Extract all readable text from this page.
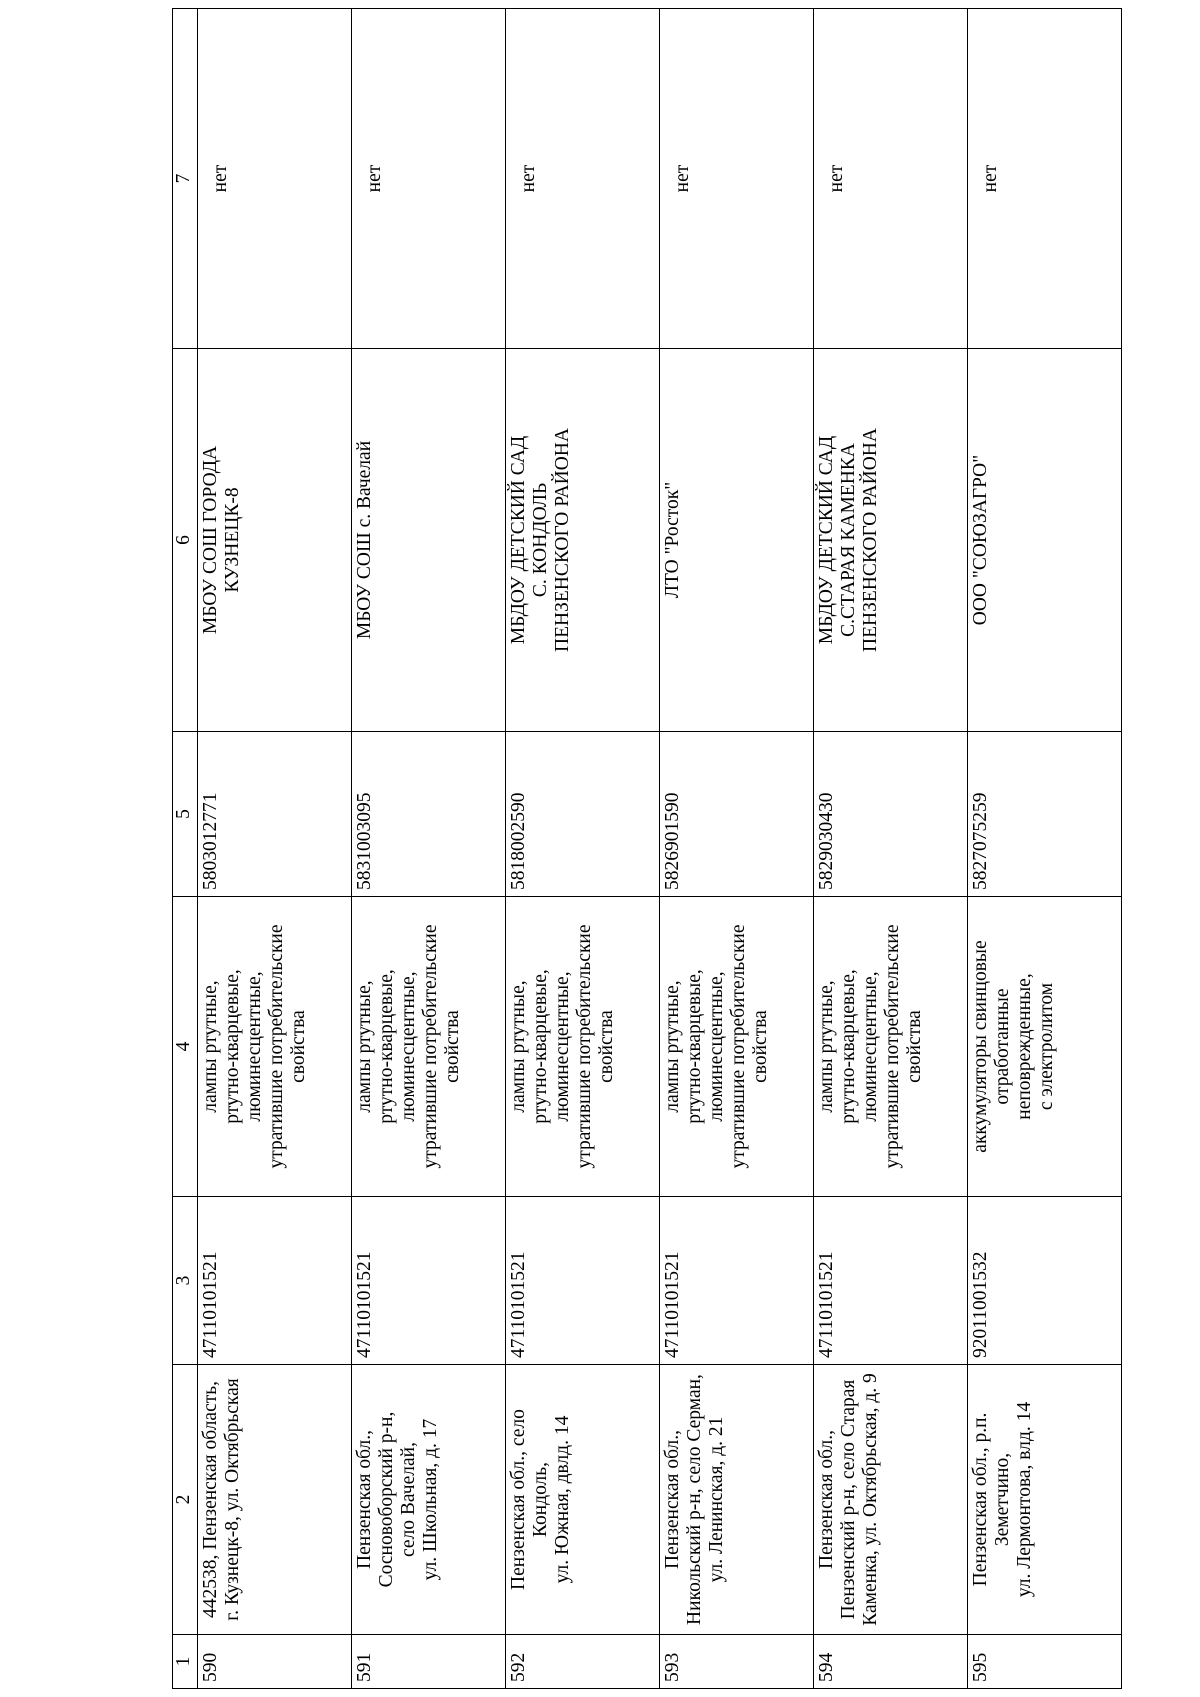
1	2	3	4	5	6	7
590	442538, Пензенская область, г. Кузнецк-8, ул. Октябрьская	47110101521	лампы ртутные, ртутно-кварцевые, люминесцентные, утратившие потребительские свойства	5803012771	МБОУ СОШ ГОРОДА КУЗНЕЦК-8	нет
591	Пензенская обл., Сосновоборский р-н, село Вачелай, ул. Школьная, д. 17	47110101521	лампы ртутные, ртутно-кварцевые, люминесцентные, утратившие потребительские свойства	5831003095	МБОУ СОШ с. Вачелай	нет
592	Пензенская обл., село Кондоль, ул. Южная, двлд. 14	47110101521	лампы ртутные, ртутно-кварцевые, люминесцентные, утратившие потребительские свойства	5818002590	МБДОУ ДЕТСКИЙ САД С. КОНДОЛЬ ПЕНЗЕНСКОГО РАЙОНА	нет
593	Пензенская обл., Никольский р-н, село Серман, ул. Ленинская, д. 21	47110101521	лампы ртутные, ртутно-кварцевые, люминесцентные, утратившие потребительские свойства	5826901590	ЛТО "Росток"	нет
594	Пензенская обл., Пензенский р-н, село Старая Каменка, ул. Октябрьская, д. 9	47110101521	лампы ртутные, ртутно-кварцевые, люминесцентные, утратившие потребительские свойства	5829030430	МБДОУ ДЕТСКИЙ САД С.СТАРАЯ КАМЕНКА ПЕНЗЕНСКОГО РАЙОНА	нет
595	Пензенская обл., р.п. Земетчино, ул. Лермонтова, влд. 14	92011001532	аккумуляторы свинцовые отработанные неповрежденные, с электролитом	5827075259	ООО "СОЮЗАГРО"	нет
